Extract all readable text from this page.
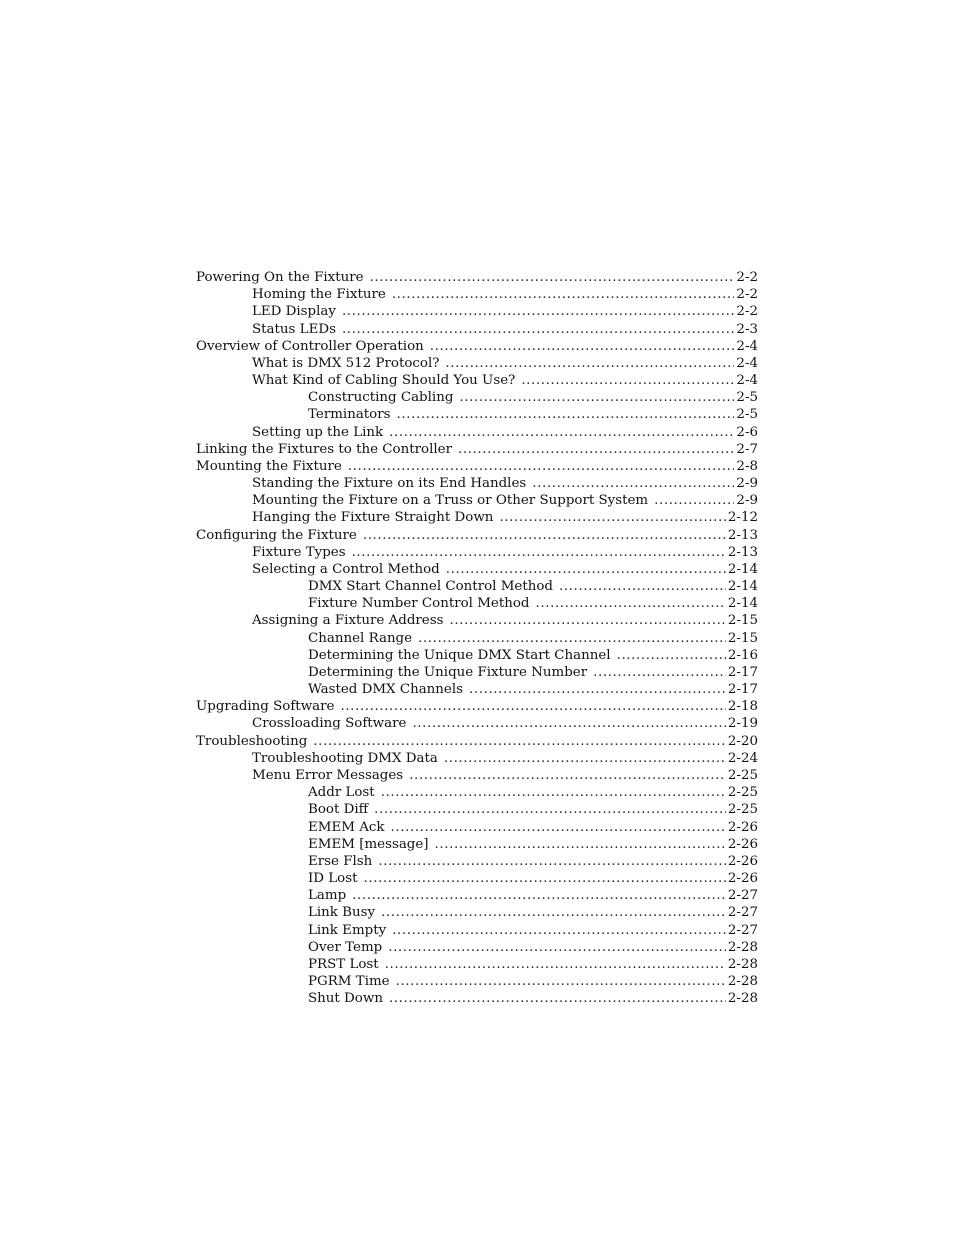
Powering On the Fixture .....	2-2
Homing the Fixture .....	2-2
LED Display .....	2-2
Status LEDs .....	2-3
Overview of Controller Operation .....	2-4
What is DMX 512 Protocol? .....	2-4
What Kind of Cabling Should You Use? .....	2-4
Constructing Cabling .....	2-5
Terminators .....	2-5
Setting up the Link .....	2-6
Linking the Fixtures to the Controller .....	2-7
Mounting the Fixture .....	2-8
Standing the Fixture on its End Handles .....	2-9
Mounting the Fixture on a Truss or Other Support System .....	2-9
Hanging the Fixture Straight Down .....	2-12
Configuring the Fixture .....	2-13
Fixture Types .....	2-13
Selecting a Control Method .....	2-14
DMX Start Channel Control Method .....	2-14
Fixture Number Control Method .....	2-14
Assigning a Fixture Address .....	2-15
Channel Range .....	2-15
Determining the Unique DMX Start Channel .....	2-16
Determining the Unique Fixture Number .....	2-17
Wasted DMX Channels .....	2-17
Upgrading Software .....	2-18
Crossloading Software .....	2-19
Troubleshooting .....	2-20
Troubleshooting DMX Data .....	2-24
Menu Error Messages .....	2-25
Addr Lost .....	2-25
Boot Diff .....	2-25
EMEM Ack .....	2-26
EMEM [message] .....	2-26
Erse Flsh .....	2-26
ID Lost .....	2-26
Lamp .....	2-27
Link Busy .....	2-27
Link Empty .....	2-27
Over Temp .....	2-28
PRST Lost .....	2-28
PGRM Time .....	2-28
Shut Down .....	2-28
